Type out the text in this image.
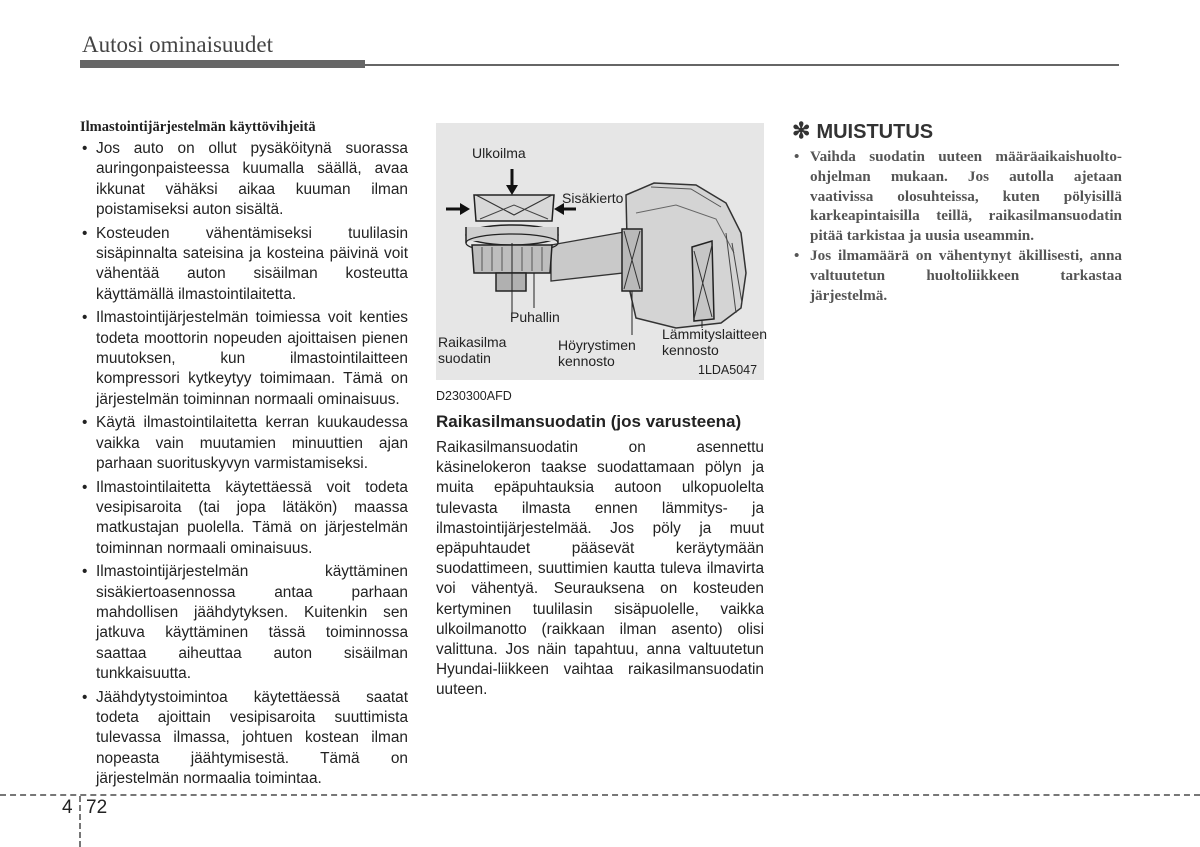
Autosi ominaisuudet
Ilmastointijärjestelmän käyttövihjeitä
• Jos auto on ollut pysäköitynä suorassa auringonpaisteessa kuumalla säällä, avaa ikkunat vähäksi aikaa kuuman ilman poistamiseksi auton sisältä.
• Kosteuden vähentämiseksi tuulilasin sisäpinnalta sateisina ja kosteina päivinä voit vähentää auton sisäilman kosteutta käyttämällä ilmastointilaitetta.
• Ilmastointijärjestelmän toimiessa voit kenties todeta moottorin nopeuden ajoittaisen pienen muutoksen, kun ilmastointilaitteen kompressori kytkeytyy toimimaan. Tämä on järjestelmän toiminnan normaali ominaisuus.
• Käytä ilmastointilaitetta kerran kuukaudessa vaikka vain muutamien minuuttien ajan parhaan suorituskyvyn varmistamiseksi.
• Ilmastointilaitetta käytettäessä voit todeta vesipisaroita (tai jopa lätäkön) maassa matkustajan puolella. Tämä on järjestelmän toiminnan normaali ominaisuus.
• Ilmastointijärjestelmän käyttäminen sisäkiertoasennossa antaa parhaan mahdollisen jäähdytyksen. Kuitenkin sen jatkuva käyttäminen tässä toiminnossa saattaa aiheuttaa auton sisäilman tunkkaisuutta.
• Jäähdytystoimintoa käytettäessä saatat todeta ajoittain vesipisaroita suuttimista tulevassa ilmassa, johtuen kostean ilman nopeasta jäähtymisestä. Tämä on järjestelmän normaalia toimintaa.
Ulkoilma
Sisäkierto
Puhallin
Raikasilma
suodatin
Höyrystimen
kennosto
Lämmityslaitteen
kennosto
1LDA5047
D230300AFD
Raikasilmansuodatin (jos varusteena)
Raikasilmansuodatin on asennettu käsinelokeron taakse suodattamaan pölyn ja muita epäpuhtauksia autoon ulkopuolelta tulevasta ilmasta ennen lämmitys- ja ilmastointijärjestelmää. Jos pöly ja muut epäpuhtaudet pääsevät keräytymään suodattimeen, suuttimien kautta tuleva ilmavirta voi vähentyä. Seurauksena on kosteuden kertyminen tuulilasin sisäpuolelle, vaikka ulkoilmanotto (raikkaan ilman asento) olisi valittuna. Jos näin tapahtuu, anna valtuutetun Hyundai-liikkeen vaihtaa raikasilmansuodatin uuteen.
✻ MUISTUTUS
• Vaihda suodatin uuteen määräaikaishuolto-ohjelman mukaan. Jos autolla ajetaan vaativissa olosuhteissa, kuten pölyisillä karkeapintaisilla teillä, raikasilmansuodatin pitää tarkistaa ja uusia useammin.
• Jos ilmamäärä on vähentynyt äkillisesti, anna valtuutetun huoltoliikkeen tarkastaa järjestelmä.
4 72
